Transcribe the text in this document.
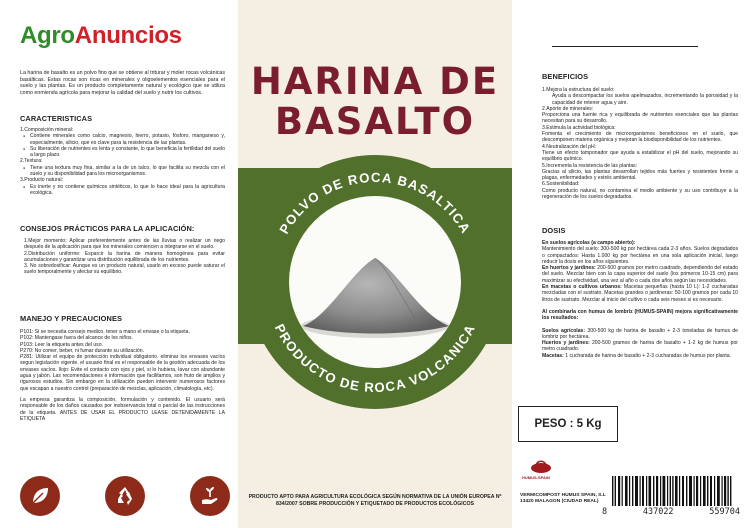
AgroAnuncios

La harina de basalto es un polvo fino que se obtiene al triturar y moler rocas volcánicas basálticas. Estas rocas son ricas en minerales y oligoelementos esenciales para el suelo y las plantas. Es un producto completamente natural y ecológico que se utiliza como enmienda agrícola para mejorar la calidad del suelo y nutrir los cultivos.

CARACTERISTICAS
1.Composición mineral:

● Contiene minerales como calcio, magnesio, hierro, potasio, fósforo, manganeso y, especialmente, silicio, que es clave para la resistencia de las plantas.

● Su liberación de nutrientes es lenta y constante, lo que beneficia la fertilidad del suelo a largo plazo.

2.Textura:

● Tiene una textura muy fina, similar a la de un talco, lo que facilita su mezcla con el suelo y su disponibilidad para los microorganismos.

3.Producto natural:

● Es inerte y no contiene químicos sintéticos, lo que lo hace ideal para la agricultura ecológica.

CONSEJOS PRÁCTICOS PARA LA APLICACIÓN:

1.Mejor momento: Aplicar preferentemente antes de las lluvias o realizar un riego después de la aplicación para que los minerales comiencen a integrarse en el suelo.

2.Distribución uniforme: Esparcir la harina de manera homogénea para evitar acumulaciones y garantizar una distribución equilibrada de los nutrientes.

3. No sobredosificar: Aunque es un producto natural, usarlo en exceso puede saturar el suelo temporalmente y afectar su equilibrio.

MANEJO Y PRECAUCIONES

P101: Si se necesita consejo medico, tener a mano el envase o la etiqueta.

P102: Mantengase fuera del alcance de los niños.

P103: Leer la etiqueta antes del uso.

P270: No comer, beber, ni fumar durante su utilización.

P281: Utilizar el equipo de protección individual obligatorio. eliminar los envases vacíos segun legislación vigente. el usuario final es el responsable de la gestión adecuada de los envases vacíos. Ilojo: Evite el contacto con ojos y piel, si lo hubiera, lavar con abundante agua y jabón. Las recomendaciones e información que facilitamos, son fruto de amplios y rigurosos estudios. Sin embargo en la utilización pueden intervenir numerosos factores que escapan a nuestro control (preparación de mezclas, aplicación, climatología, etc).

La empresa garantiza la composición, formulación y contenido. El usuario será responsable de los daños causados por inobservancia total o parcial de las instrucciones de la etiqueta. ANTES DE USAR EL PRODUCTO LEASE DETENIDAMENTE LA ETIQUETA

HARINA DE
BASALTO
POLVO DE ROCA BASALTICA
PRODUCTO DE ROCA VOLCANICA
PRODUCTO APTO PARA AGRICULTURA ECOLÓGICA SEGÚN NORMATIVA DE LA UNIÓN EUROPEA Nº 834/2007 SOBRE PRODUCCIÓN Y ETIQUETADO DE PRODUCTOS ECOLÓGICOS
BENEFICIOS
1.Mejora la estructura del suelo:

Ayuda a descompactar los suelos apelmazados, incrementando la porosidad y la capacidad de retener agua y aire.

2.Aporte de minerales:

Proporciona una fuente rica y equilibrada de nutrientes esenciales que las plantas necesitan para su desarrollo.

3.Estimula la actividad biológica:

Fomenta el crecimiento de microorganismos beneficiosos en el suelo, que descomponen materia orgánica y mejoran la biodisponibilidad de los nutrientes.

4.Neutralización del pH:

Tiene un efecto tamponador que ayuda a estabilizar el pH del suelo, mejorando su equilibrio químico.

5.Incrementa la resistencia de las plantas:

Gracias al silicio, las plantas desarrollan tejidos más fuertes y resistentes frente a plagas, enfermedades y estrés ambiental.

6.Sostenibilidad:

Como producto natural, no contamina el medio ambiente y su uso contribuye a la regeneración de los suelos degradados.

DOSIS
En suelos agrícolas (a campo abierto):

Mantenimiento del suelo: 300-500 kg por hectárea cada 2-3 años. Suelos degradados o compactados: Hasta 1.000 kg por hectárea en una sola aplicación inicial, luego reducir la dosis en los años siguientes.

En huertos y jardines: 200-500 gramos por metro cuadrado, dependiendo del estado del suelo. Mezclar bien con la capa superior del suelo (los primeros 10-15 cm) para maximizar su efectividad, una vez al año o cada dos años según las necesidades.

En macetas o cultivos urbanos: Macetas pequeñas (hasta 10 L): 1-2 cucharadas mezcladas con el sustrato. Macetas grandes o jardineras: 50-100 gramos por cada 10 litros de sustrato. Mezclar al inicio del cultivo o cada seis meses si es necesario.

Al combinarla con humus de lombriz (HUMUS-SPAIN) mejora significativamente los resultados:

Suelos agrícolas: 300-500 kg de harina de basalto + 2-3 toneladas de humus de lombriz por hectárea.

Huertos y jardines: 200-500 gramos de harina de basalto + 1-2 kg de humus por metro cuadrado.

Macetas: 1 cucharada de harina de basalto + 2-3 cucharadas de humus por planta.

PESO : 5 Kg
HUMUS-SPAIN
VERMICOMPOST HUMUS SPAIN, S.L
13420 MALAGON (CIUDAD REAL)
8	437022	559704
